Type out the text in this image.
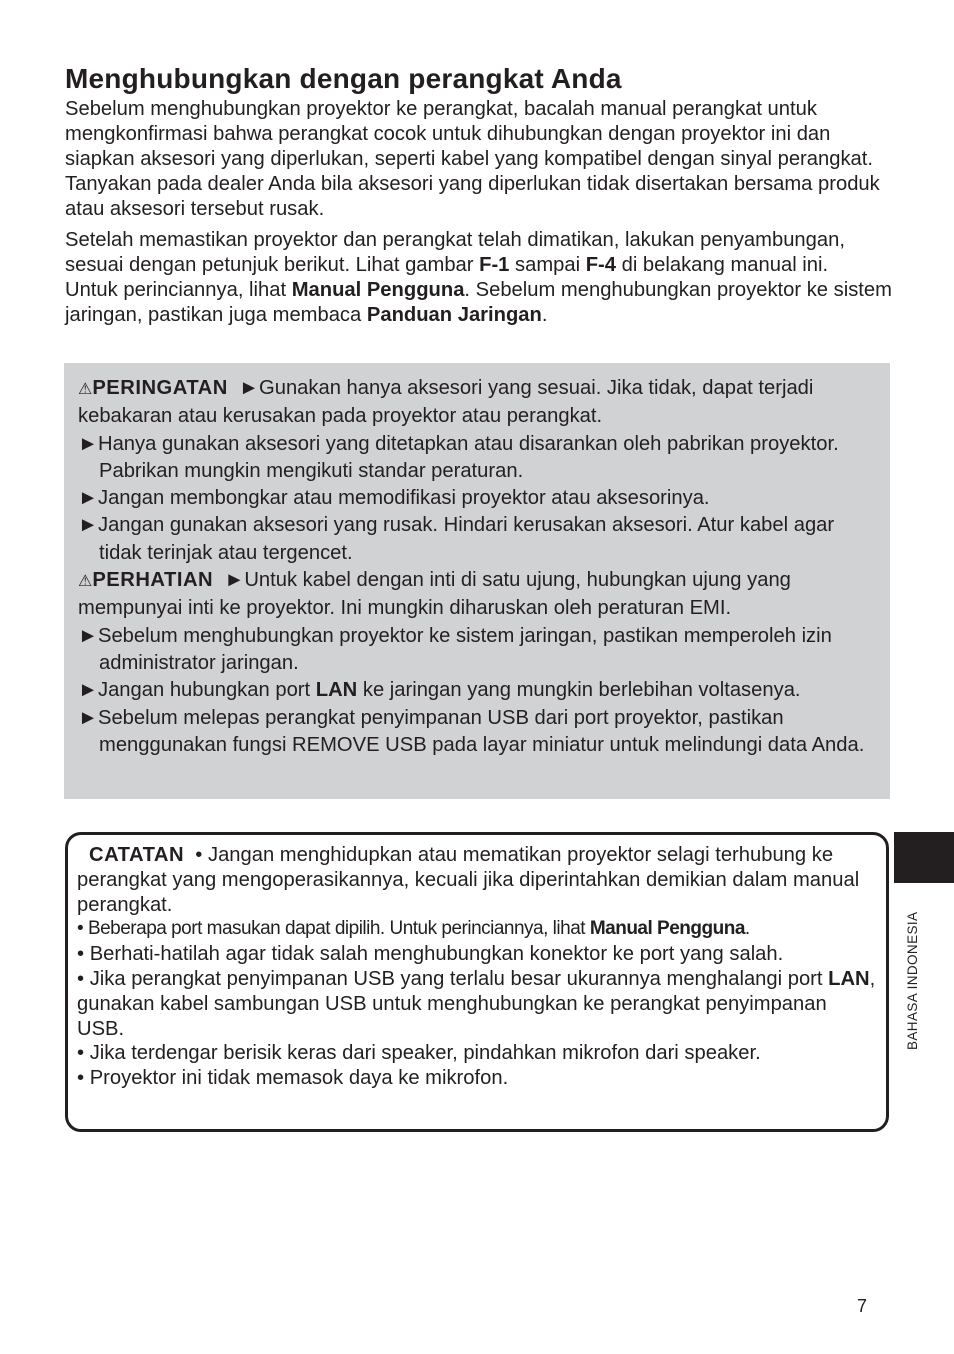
Menghubungkan dengan perangkat Anda

Sebelum menghubungkan proyektor ke perangkat, bacalah manual perangkat untuk mengkonfirmasi bahwa perangkat cocok untuk dihubungkan dengan proyektor ini dan siapkan aksesori yang diperlukan, seperti kabel yang kompatibel dengan sinyal perangkat. Tanyakan pada dealer Anda bila aksesori yang diperlukan tidak disertakan bersama produk atau aksesori tersebut rusak.

Setelah memastikan proyektor dan perangkat telah dimatikan, lakukan penyambungan, sesuai dengan petunjuk berikut. Lihat gambar F-1 sampai F-4 di belakang manual ini.

Untuk perinciannya, lihat Manual Pengguna. Sebelum menghubungkan proyektor ke sistem jaringan, pastikan juga membaca Panduan Jaringan.

⚠PERINGATAN ►Gunakan hanya aksesori yang sesuai. Jika tidak, dapat terjadi kebakaran atau kerusakan pada proyektor atau perangkat.

►Hanya gunakan aksesori yang ditetapkan atau disarankan oleh pabrikan proyektor. Pabrikan mungkin mengikuti standar peraturan.

►Jangan membongkar atau memodifikasi proyektor atau aksesorinya.

►Jangan gunakan aksesori yang rusak. Hindari kerusakan aksesori. Atur kabel agar tidak terinjak atau tergencet.

⚠PERHATIAN ►Untuk kabel dengan inti di satu ujung, hubungkan ujung yang mempunyai inti ke proyektor. Ini mungkin diharuskan oleh peraturan EMI.

►Sebelum menghubungkan proyektor ke sistem jaringan, pastikan memperoleh izin administrator jaringan.

►Jangan hubungkan port LAN ke jaringan yang mungkin berlebihan voltasenya.

►Sebelum melepas perangkat penyimpanan USB dari port proyektor, pastikan menggunakan fungsi REMOVE USB pada layar miniatur untuk melindungi data Anda.

CATATAN • Jangan menghidupkan atau mematikan proyektor selagi terhubung ke perangkat yang mengoperasikannya, kecuali jika diperintahkan demikian dalam manual perangkat.

• Beberapa port masukan dapat dipilih. Untuk perinciannya, lihat Manual Pengguna.

• Berhati-hatilah agar tidak salah menghubungkan konektor ke port yang salah.

• Jika perangkat penyimpanan USB yang terlalu besar ukurannya menghalangi port LAN, gunakan kabel sambungan USB untuk menghubungkan ke perangkat penyimpanan USB.

• Jika terdengar berisik keras dari speaker, pindahkan mikrofon dari speaker.

• Proyektor ini tidak memasok daya ke mikrofon.

BAHASA INDONESIA
7
